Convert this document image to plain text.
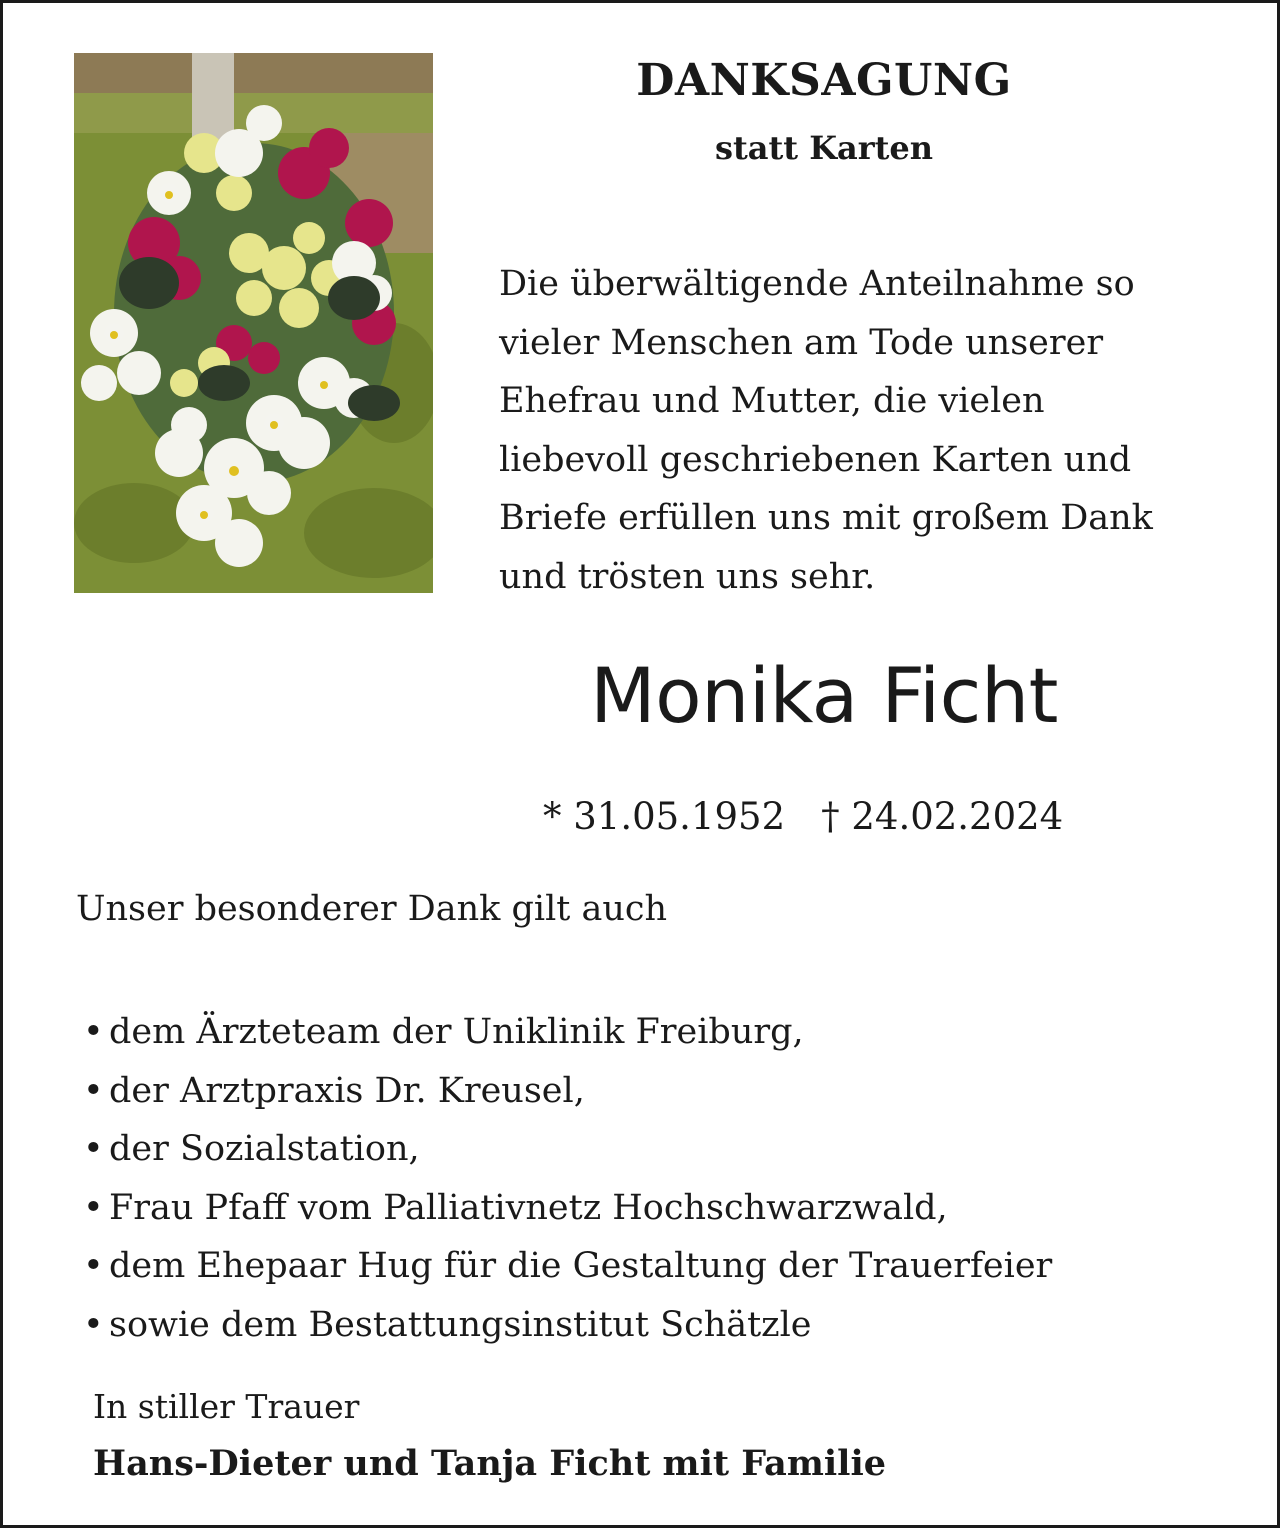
DANKSAGUNG
statt Karten
Die überwältigende Anteilnahme so
vieler Menschen am Tode unserer
Ehefrau und Mutter, die vielen
liebevoll geschriebenen Karten und
Briefe erfüllen uns mit großem Dank
und trösten uns sehr.
Monika Ficht
* 31.05.1952 † 24.02.2024
Unser besonderer Dank gilt auch
• dem Ärzteteam der Uniklinik Freiburg,
• der Arztpraxis Dr. Kreusel,
• der Sozialstation,
• Frau Pfaff vom Palliativnetz Hochschwarzwald,
• dem Ehepaar Hug für die Gestaltung der Trauerfeier
• sowie dem Bestattungsinstitut Schätzle
In stiller Trauer
Hans-Dieter und Tanja Ficht mit Familie
